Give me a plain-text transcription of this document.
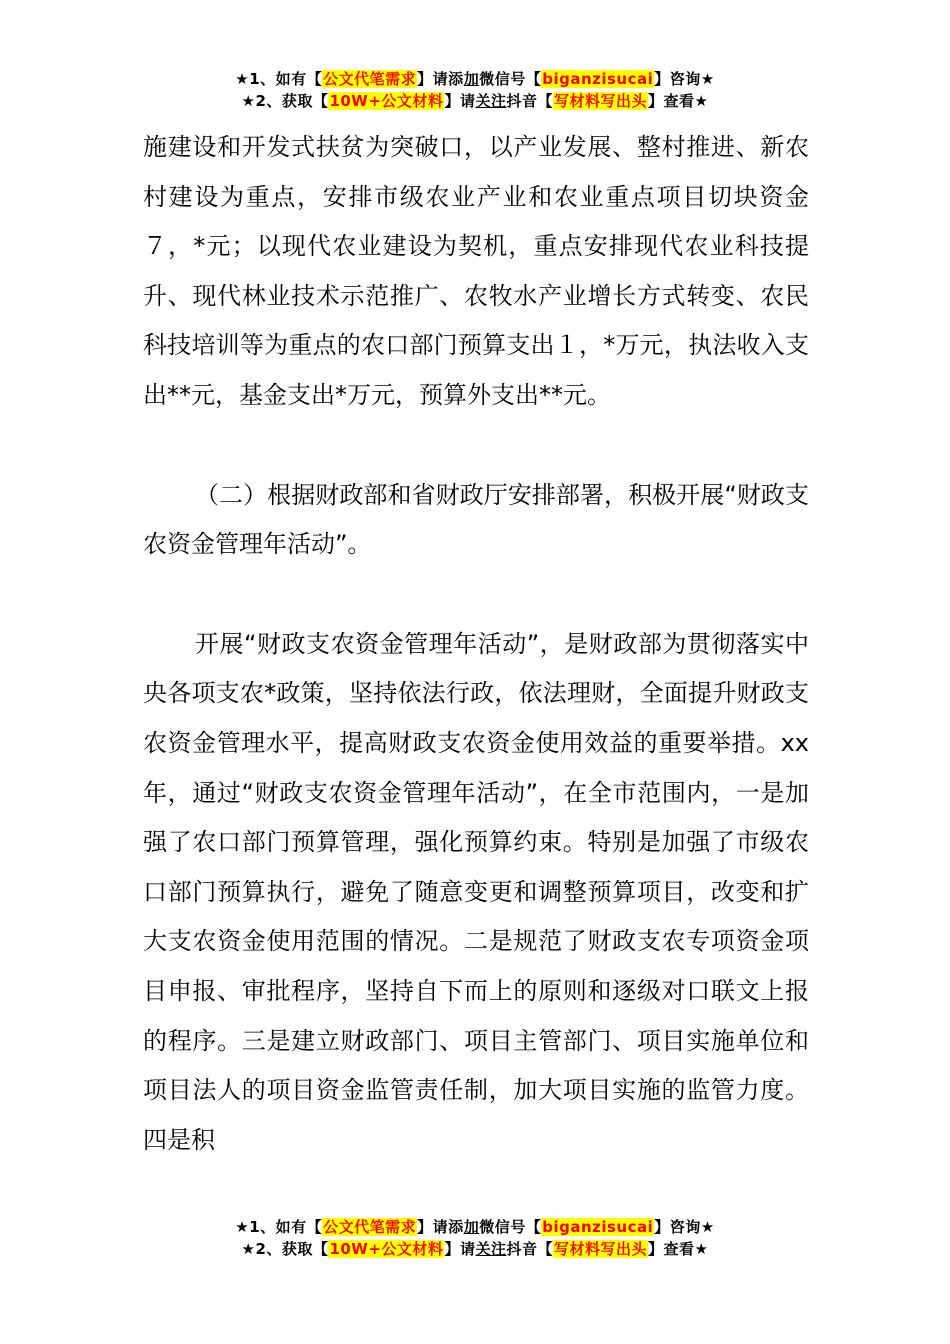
★1、如有【公文代笔需求】请添加微信号【biganzisucai】咨询★
★2、获取【10W+公文材料】请关注抖音【写材料写出头】查看★

施建设和开发式扶贫为突破口，以产业发展、整村推进、新农村建设为重点，安排市级农业产业和农业重点项目切块资金７，*元；以现代农业建设为契机，重点安排现代农业科技提升、现代林业技术示范推广、农牧水产业增长方式转变、农民科技培训等为重点的农口部门预算支出１，*万元，执法收入支出**元，基金支出*万元，预算外支出**元。

（二）根据财政部和省财政厅安排部署，积极开展“财政支农资金管理年活动”。

开展“财政支农资金管理年活动”，是财政部为贯彻落实中央各项支农*政策，坚持依法行政，依法理财，全面提升财政支农资金管理水平，提高财政支农资金使用效益的重要举措。xx年，通过“财政支农资金管理年活动”，在全市范围内，一是加强了农口部门预算管理，强化预算约束。特别是加强了市级农口部门预算执行，避免了随意变更和调整预算项目，改变和扩大支农资金使用范围的情况。二是规范了财政支农专项资金项目申报、审批程序，坚持自下而上的原则和逐级对口联文上报的程序。三是建立财政部门、项目主管部门、项目实施单位和项目法人的项目资金监管责任制，加大项目实施的监管力度。四是积

★1、如有【公文代笔需求】请添加微信号【biganzisucai】咨询★
★2、获取【10W+公文材料】请关注抖音【写材料写出头】查看★
